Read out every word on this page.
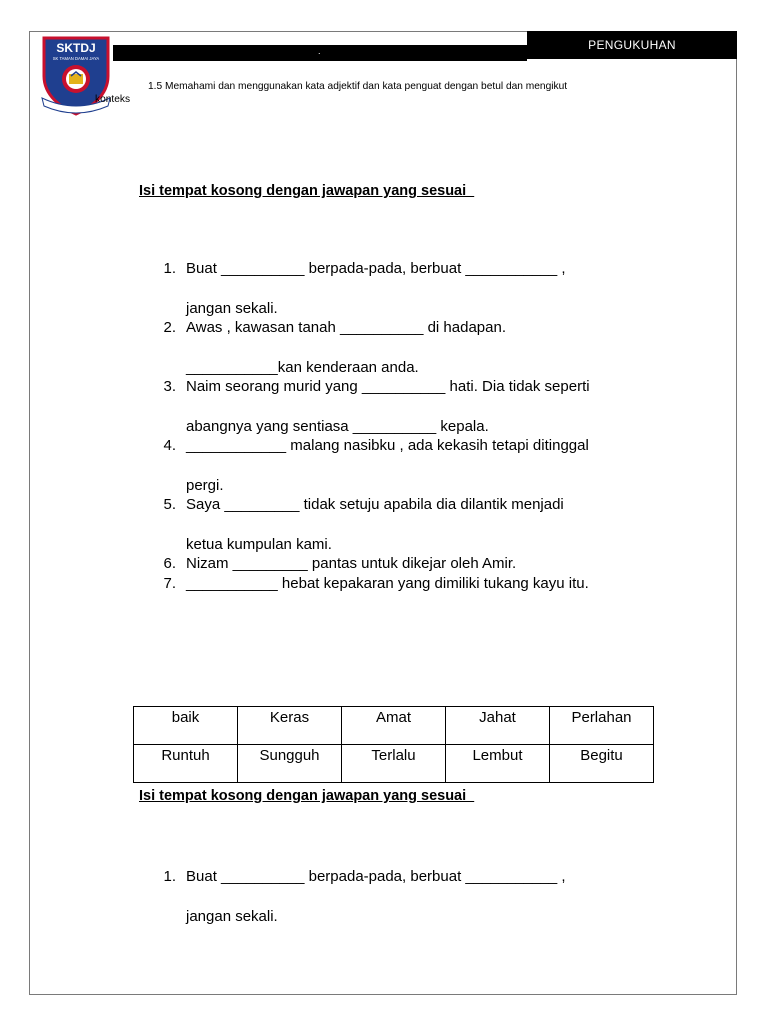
.	PENGUKUHAN
SKTDJ
SK TAMAN DAMAI JAYA
1.5 Memahami dan menggunakan kata adjektif dan kata penguat dengan betul dan mengikut
konteks
Isi tempat kosong dengan jawapan yang sesuai
1. Buat __________ berpada-pada, berbuat ___________ ,
jangan sekali.
2. Awas , kawasan tanah __________ di hadapan.
___________kan kenderaan anda.
3. Naim seorang murid yang __________ hati. Dia tidak seperti
abangnya yang sentiasa __________ kepala.
4. ____________ malang nasibku , ada kekasih tetapi ditinggal
pergi.
5. Saya _________ tidak setuju apabila dia dilantik menjadi
ketua kumpulan kami.
6. Nizam _________ pantas untuk dikejar oleh Amir.
7. ___________ hebat kepakaran yang dimiliki tukang kayu itu.
baik	Keras	Amat	Jahat	Perlahan
Runtuh	Sungguh	Terlalu	Lembut	Begitu
Isi tempat kosong dengan jawapan yang sesuai
1. Buat __________ berpada-pada, berbuat ___________ ,
jangan sekali.
